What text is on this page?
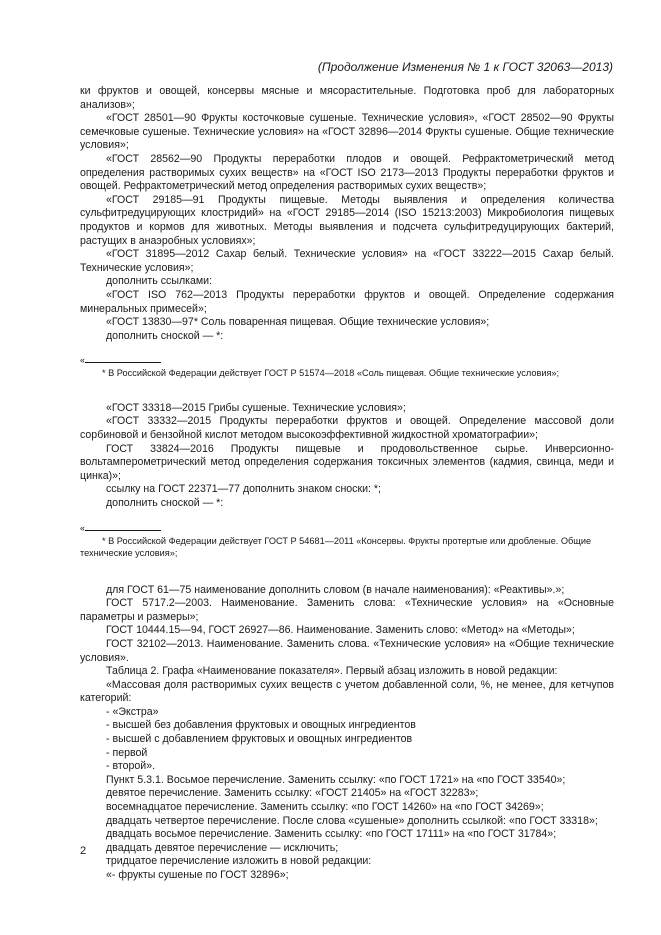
(Продолжение Изменения № 1 к ГОСТ 32063—2013)

ки фруктов и овощей, консервы мясные и мясорастительные. Подготовка проб для лабораторных анализов»;

«ГОСТ 28501—90 Фрукты косточковые сушеные. Технические условия», «ГОСТ 28502—90 Фрукты семечковые сушеные. Технические условия» на «ГОСТ 32896—2014 Фрукты сушеные. Общие технические условия»;

«ГОСТ 28562—90 Продукты переработки плодов и овощей. Рефрактометрический метод определения растворимых сухих веществ» на «ГОСТ ISO 2173—2013 Продукты переработки фруктов и овощей. Рефрактометрический метод определения растворимых сухих веществ»;

«ГОСТ 29185—91 Продукты пищевые. Методы выявления и определения количества сульфитредуцирующих клостридий» на «ГОСТ 29185—2014 (ISO 15213:2003) Микробиология пищевых продуктов и кормов для животных. Методы выявления и подсчета сульфитредуцирующих бактерий, растущих в анаэробных условиях»;

«ГОСТ 31895—2012 Сахар белый. Технические условия» на «ГОСТ 33222—2015 Сахар белый. Технические условия»;

дополнить ссылками:

«ГОСТ ISO 762—2013 Продукты переработки фруктов и овощей. Определение содержания минеральных примесей»;

«ГОСТ 13830—97* Соль поваренная пищевая. Общие технические условия»;

дополнить сноской — *:

«

* В Российской Федерации действует ГОСТ Р 51574—2018 «Соль пищевая. Общие технические условия»;

«ГОСТ 33318—2015 Грибы сушеные. Технические условия»;

«ГОСТ 33332—2015 Продукты переработки фруктов и овощей. Определение массовой доли сорбиновой и бензойной кислот методом высокоэффективной жидкостной хроматографии»;

ГОСТ 33824—2016 Продукты пищевые и продовольственное сырье. Инверсионно-вольтамперометрический метод определения содержания токсичных элементов (кадмия, свинца, меди и цинка)»;

ссылку на ГОСТ 22371—77 дополнить знаком сноски: *;

дополнить сноской — *:

«

* В Российской Федерации действует ГОСТ Р 54681—2011 «Консервы. Фрукты протертые или дробленые. Общие технические условия»;

для ГОСТ 61—75 наименование дополнить словом (в начале наименования): «Реактивы».»;

ГОСТ 5717.2—2003. Наименование. Заменить слова: «Технические условия» на «Основные параметры и размеры»;

ГОСТ 10444.15—94, ГОСТ 26927—86. Наименование. Заменить слово: «Метод» на «Методы»;

ГОСТ 32102—2013. Наименование. Заменить слова. «Технические условия» на «Общие технические условия».

Таблица 2. Графа «Наименование показателя». Первый абзац изложить в новой редакции:

«Массовая доля растворимых сухих веществ с учетом добавленной соли, %, не менее, для кетчупов категорий:

- «Экстра»

- высшей без добавления фруктовых и овощных ингредиентов

- высшей с добавлением фруктовых и овощных ингредиентов

- первой

- второй».

Пункт 5.3.1. Восьмое перечисление. Заменить ссылку: «по ГОСТ 1721» на «по ГОСТ 33540»;

девятое перечисление. Заменить ссылку: «ГОСТ 21405» на «ГОСТ 32283»;

восемнадцатое перечисление. Заменить ссылку: «по ГОСТ 14260» на «по ГОСТ 34269»;

двадцать четвертое перечисление. После слова «сушеные» дополнить ссылкой: «по ГОСТ 33318»;

двадцать восьмое перечисление. Заменить ссылку: «по ГОСТ 17111» на «по ГОСТ 31784»;

двадцать девятое перечисление — исключить;

тридцатое перечисление изложить в новой редакции:

«- фрукты сушеные по ГОСТ 32896»;

2
